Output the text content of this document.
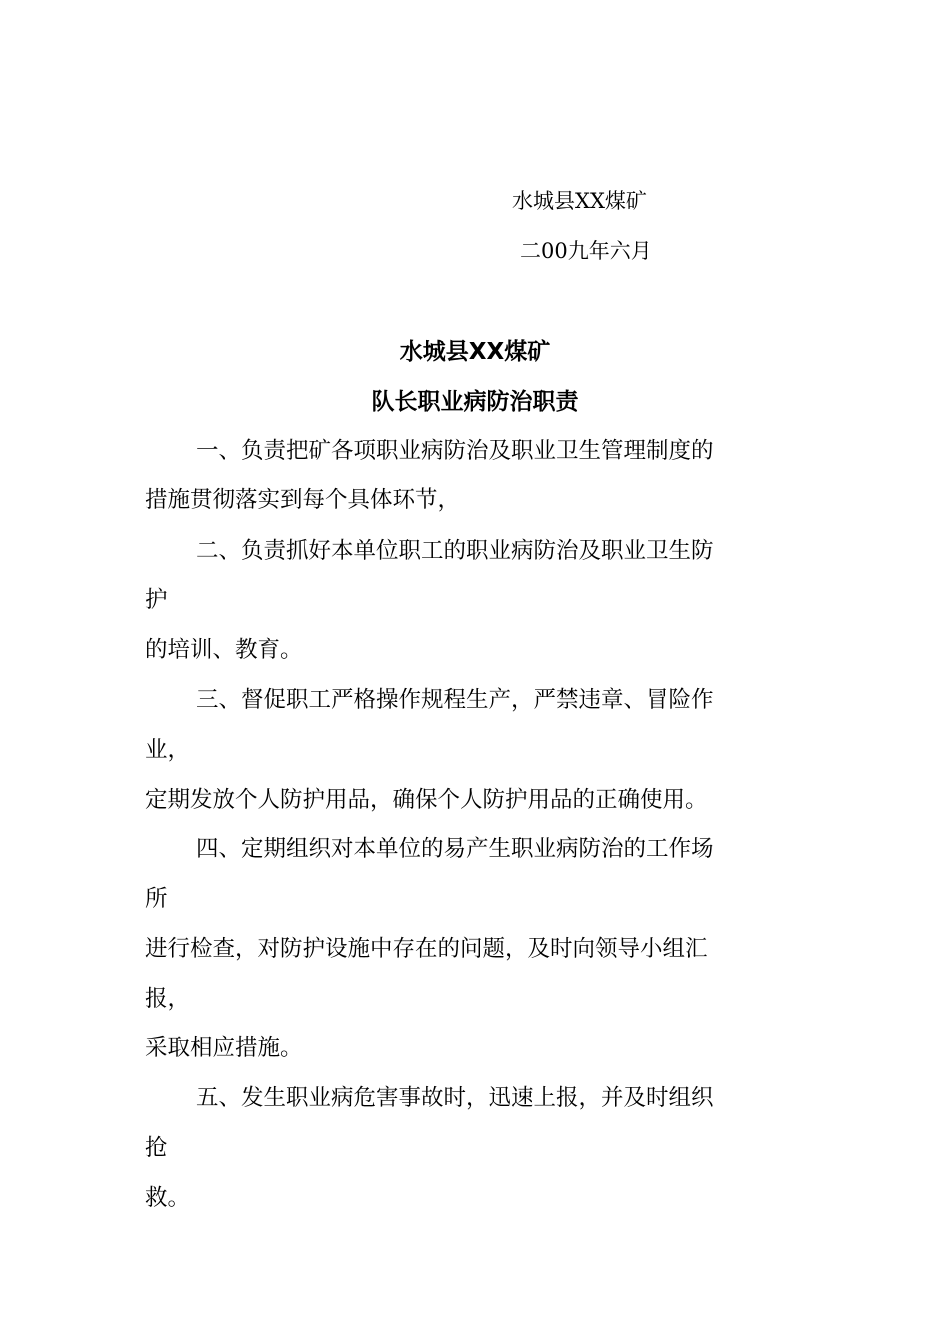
水城县XX煤矿
二00九年六月
水城县XX煤矿
队长职业病防治职责
一、负责把矿各项职业病防治及职业卫生管理制度的
措施贯彻落实到每个具体环节，
二、负责抓好本单位职工的职业病防治及职业卫生防
护
的培训、教育。
三、督促职工严格操作规程生产，严禁违章、冒险作
业，
定期发放个人防护用品，确保个人防护用品的正确使用。
四、定期组织对本单位的易产生职业病防治的工作场
所
进行检查，对防护设施中存在的问题，及时向领导小组汇
报，
采取相应措施。
五、发生职业病危害事故时，迅速上报，并及时组织
抢
救。
